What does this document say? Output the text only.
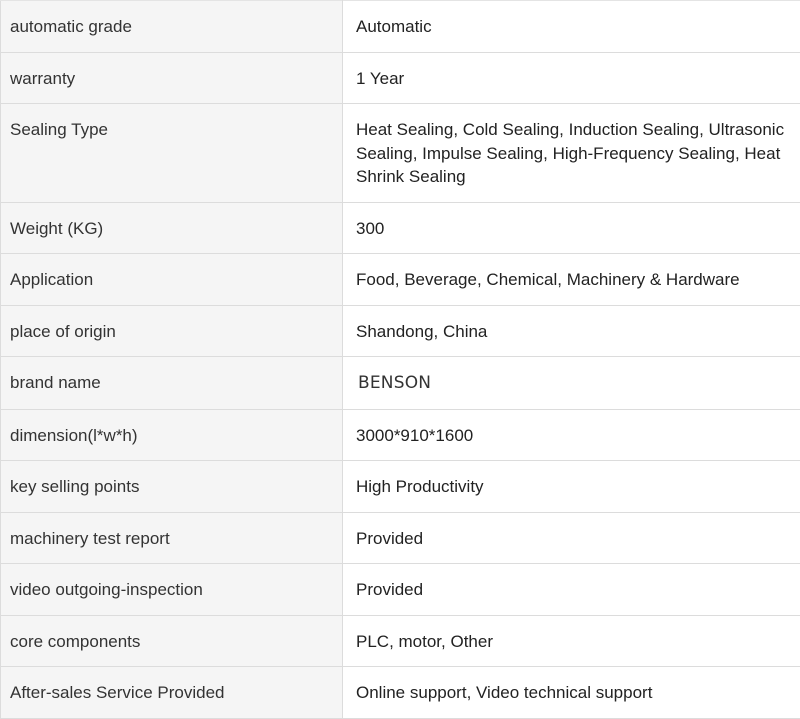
automatic grade	Automatic
warranty	1 Year
Sealing Type	Heat Sealing, Cold Sealing, Induction Sealing, Ultrasonic Sealing, Impulse Sealing, High-Frequency Sealing, Heat Shrink Sealing
Weight (KG)	300
Application	Food, Beverage, Chemical, Machinery & Hardware
place of origin	Shandong, China
brand name	BENSON
dimension(l*w*h)	3000*910*1600
key selling points	High Productivity
machinery test report	Provided
video outgoing-inspection	Provided
core components	PLC, motor, Other
After-sales Service Provided	Online support, Video technical support
